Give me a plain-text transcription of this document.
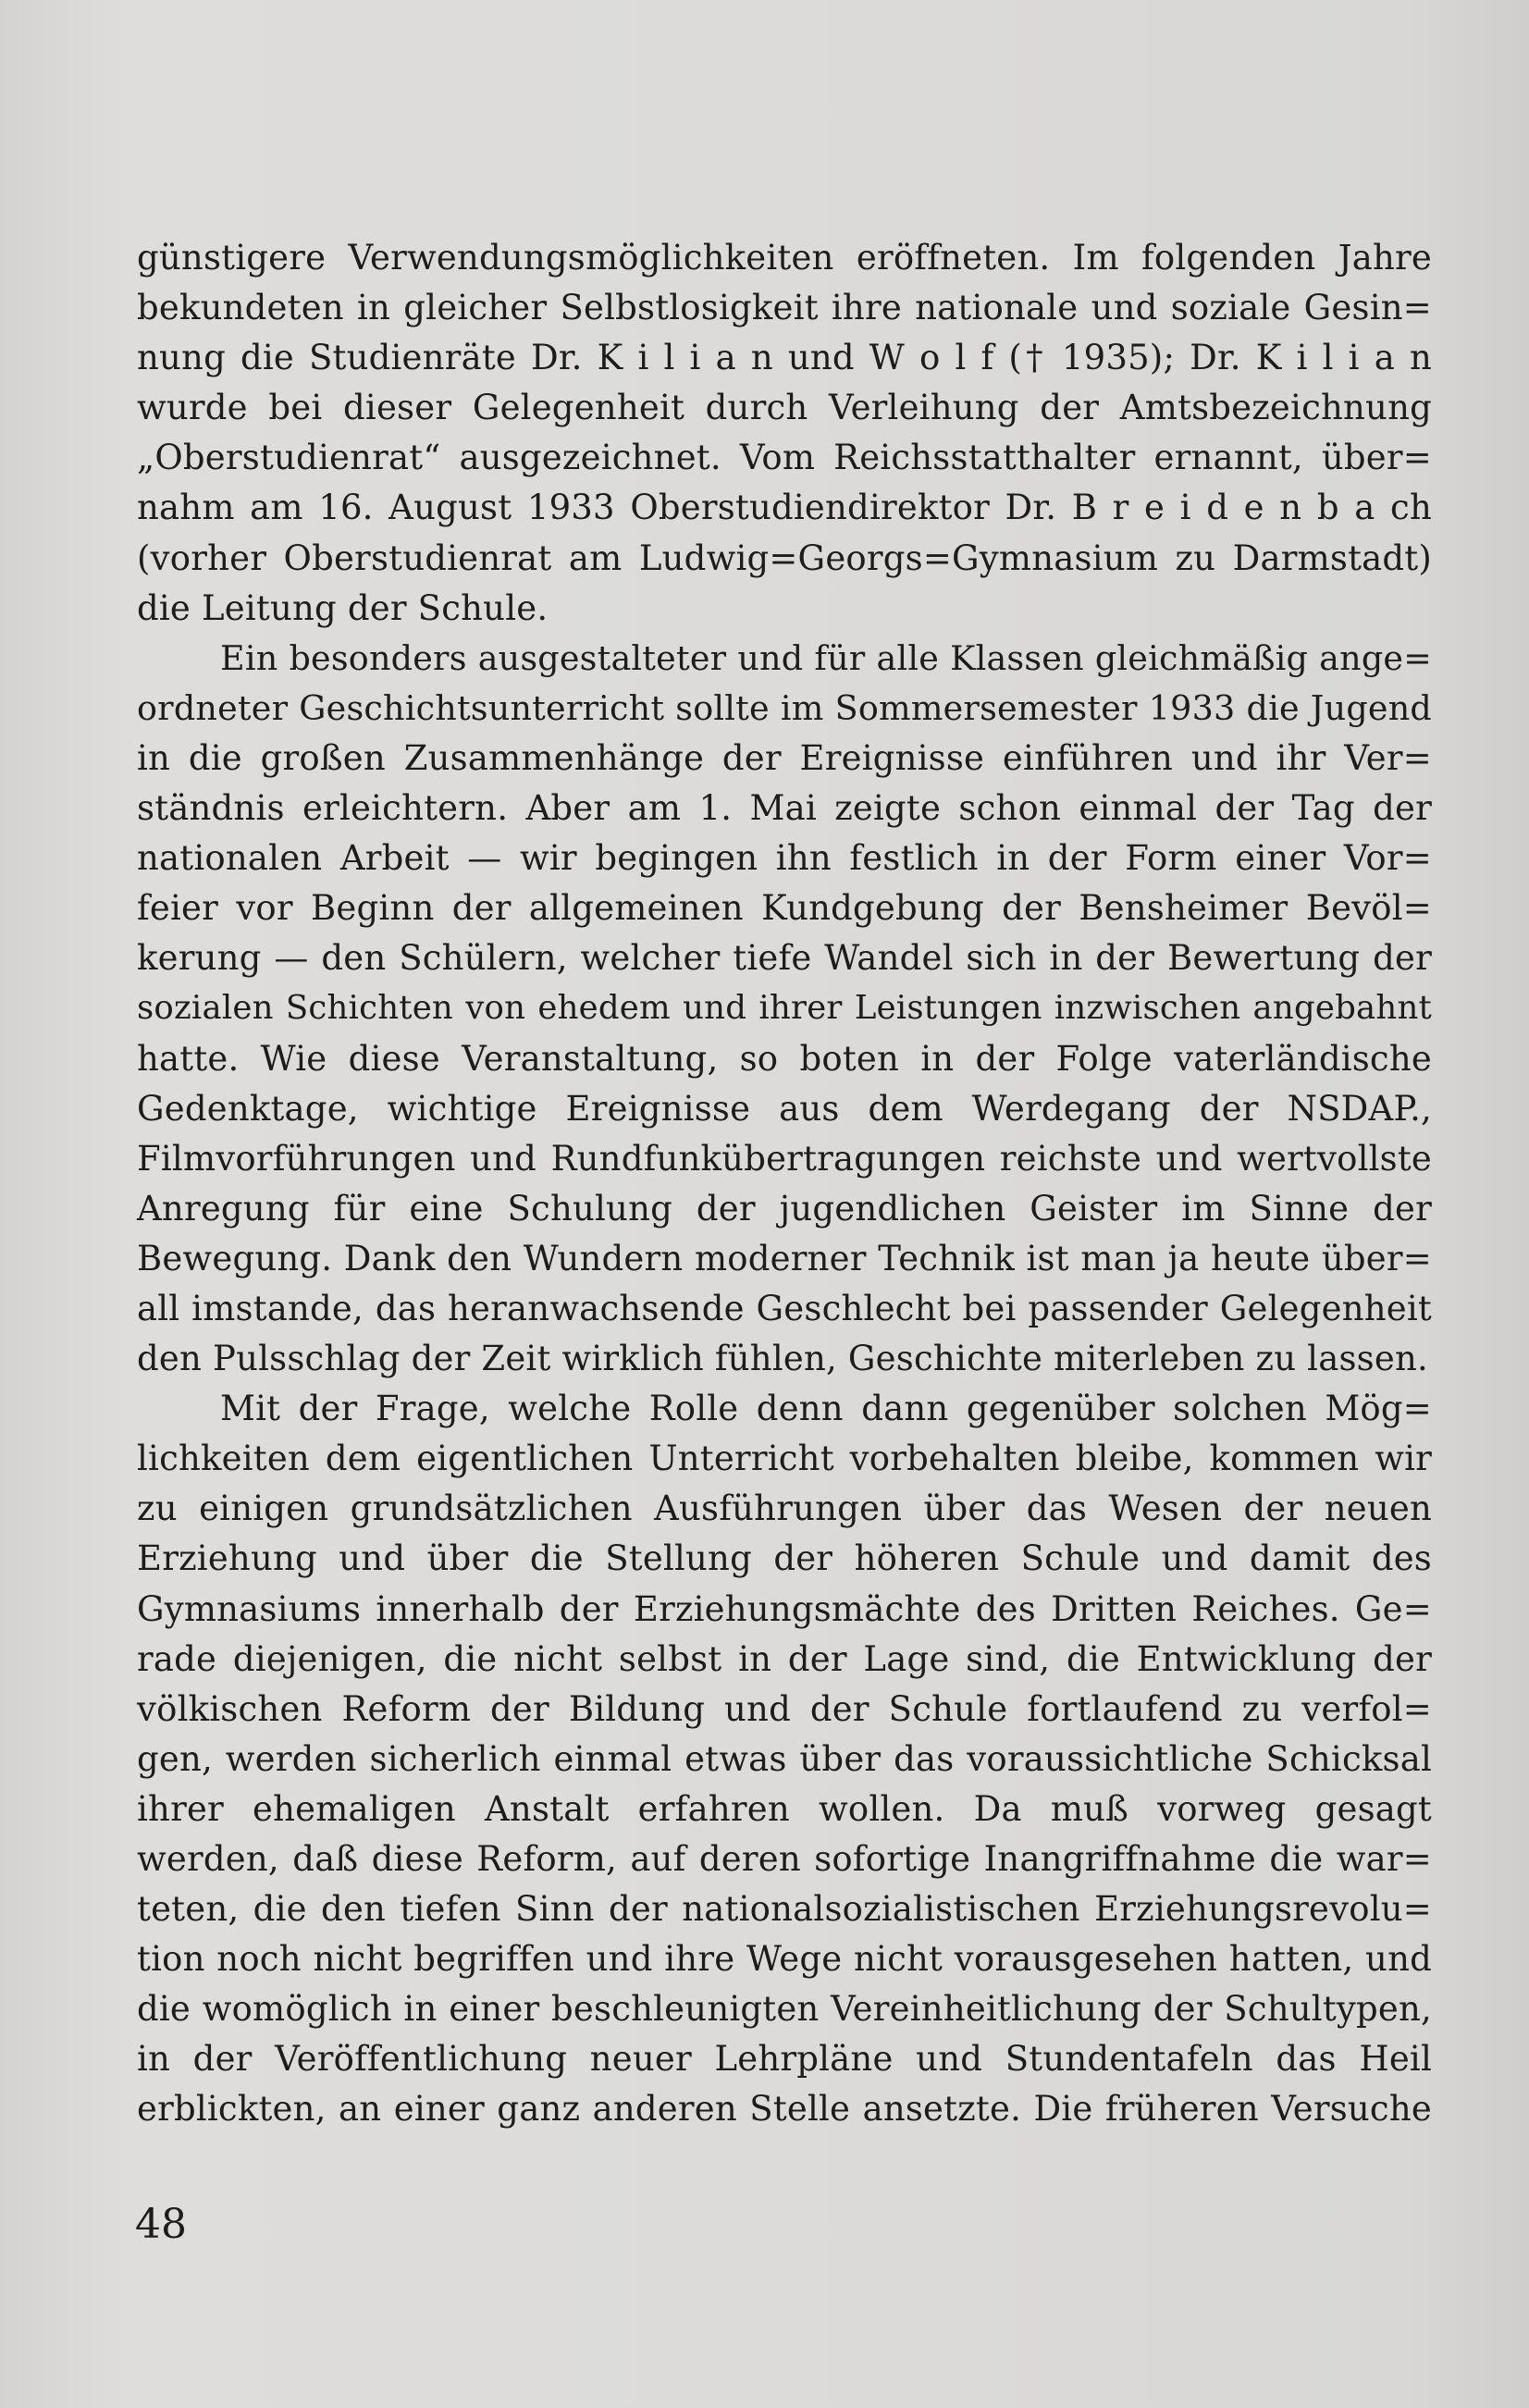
günstigere Verwendungsmöglichkeiten eröffneten. Im folgenden Jahre
bekundeten in gleicher Selbstlosigkeit ihre nationale und soziale Gesin=
nung die Studienräte Dr. K i l i a n und W o l f († 1935); Dr. K i l i a n
wurde bei dieser Gelegenheit durch Verleihung der Amtsbezeichnung
„Oberstudienrat“ ausgezeichnet. Vom Reichsstatthalter ernannt, über=
nahm am 16. August 1933 Oberstudiendirektor Dr. B r e i d e n b a ch
(vorher Oberstudienrat am Ludwig=Georgs=Gymnasium zu Darmstadt)
die Leitung der Schule.
Ein besonders ausgestalteter und für alle Klassen gleichmäßig ange=
ordneter Geschichtsunterricht sollte im Sommersemester 1933 die Jugend
in die großen Zusammenhänge der Ereignisse einführen und ihr Ver=
ständnis erleichtern. Aber am 1. Mai zeigte schon einmal der Tag der
nationalen Arbeit — wir begingen ihn festlich in der Form einer Vor=
feier vor Beginn der allgemeinen Kundgebung der Bensheimer Bevöl=
kerung — den Schülern, welcher tiefe Wandel sich in der Bewertung der
sozialen Schichten von ehedem und ihrer Leistungen inzwischen angebahnt
hatte. Wie diese Veranstaltung, so boten in der Folge vaterländische
Gedenktage, wichtige Ereignisse aus dem Werdegang der NSDAP.,
Filmvorführungen und Rundfunkübertragungen reichste und wertvollste
Anregung für eine Schulung der jugendlichen Geister im Sinne der
Bewegung. Dank den Wundern moderner Technik ist man ja heute über=
all imstande, das heranwachsende Geschlecht bei passender Gelegenheit
den Pulsschlag der Zeit wirklich fühlen, Geschichte miterleben zu lassen.
Mit der Frage, welche Rolle denn dann gegenüber solchen Mög=
lichkeiten dem eigentlichen Unterricht vorbehalten bleibe, kommen wir
zu einigen grundsätzlichen Ausführungen über das Wesen der neuen
Erziehung und über die Stellung der höheren Schule und damit des
Gymnasiums innerhalb der Erziehungsmächte des Dritten Reiches. Ge=
rade diejenigen, die nicht selbst in der Lage sind, die Entwicklung der
völkischen Reform der Bildung und der Schule fortlaufend zu verfol=
gen, werden sicherlich einmal etwas über das voraussichtliche Schicksal
ihrer ehemaligen Anstalt erfahren wollen. Da muß vorweg gesagt
werden, daß diese Reform, auf deren sofortige Inangriffnahme die war=
teten, die den tiefen Sinn der nationalsozialistischen Erziehungsrevolu=
tion noch nicht begriffen und ihre Wege nicht vorausgesehen hatten, und
die womöglich in einer beschleunigten Vereinheitlichung der Schultypen,
in der Veröffentlichung neuer Lehrpläne und Stundentafeln das Heil
erblickten, an einer ganz anderen Stelle ansetzte. Die früheren Versuche
48
